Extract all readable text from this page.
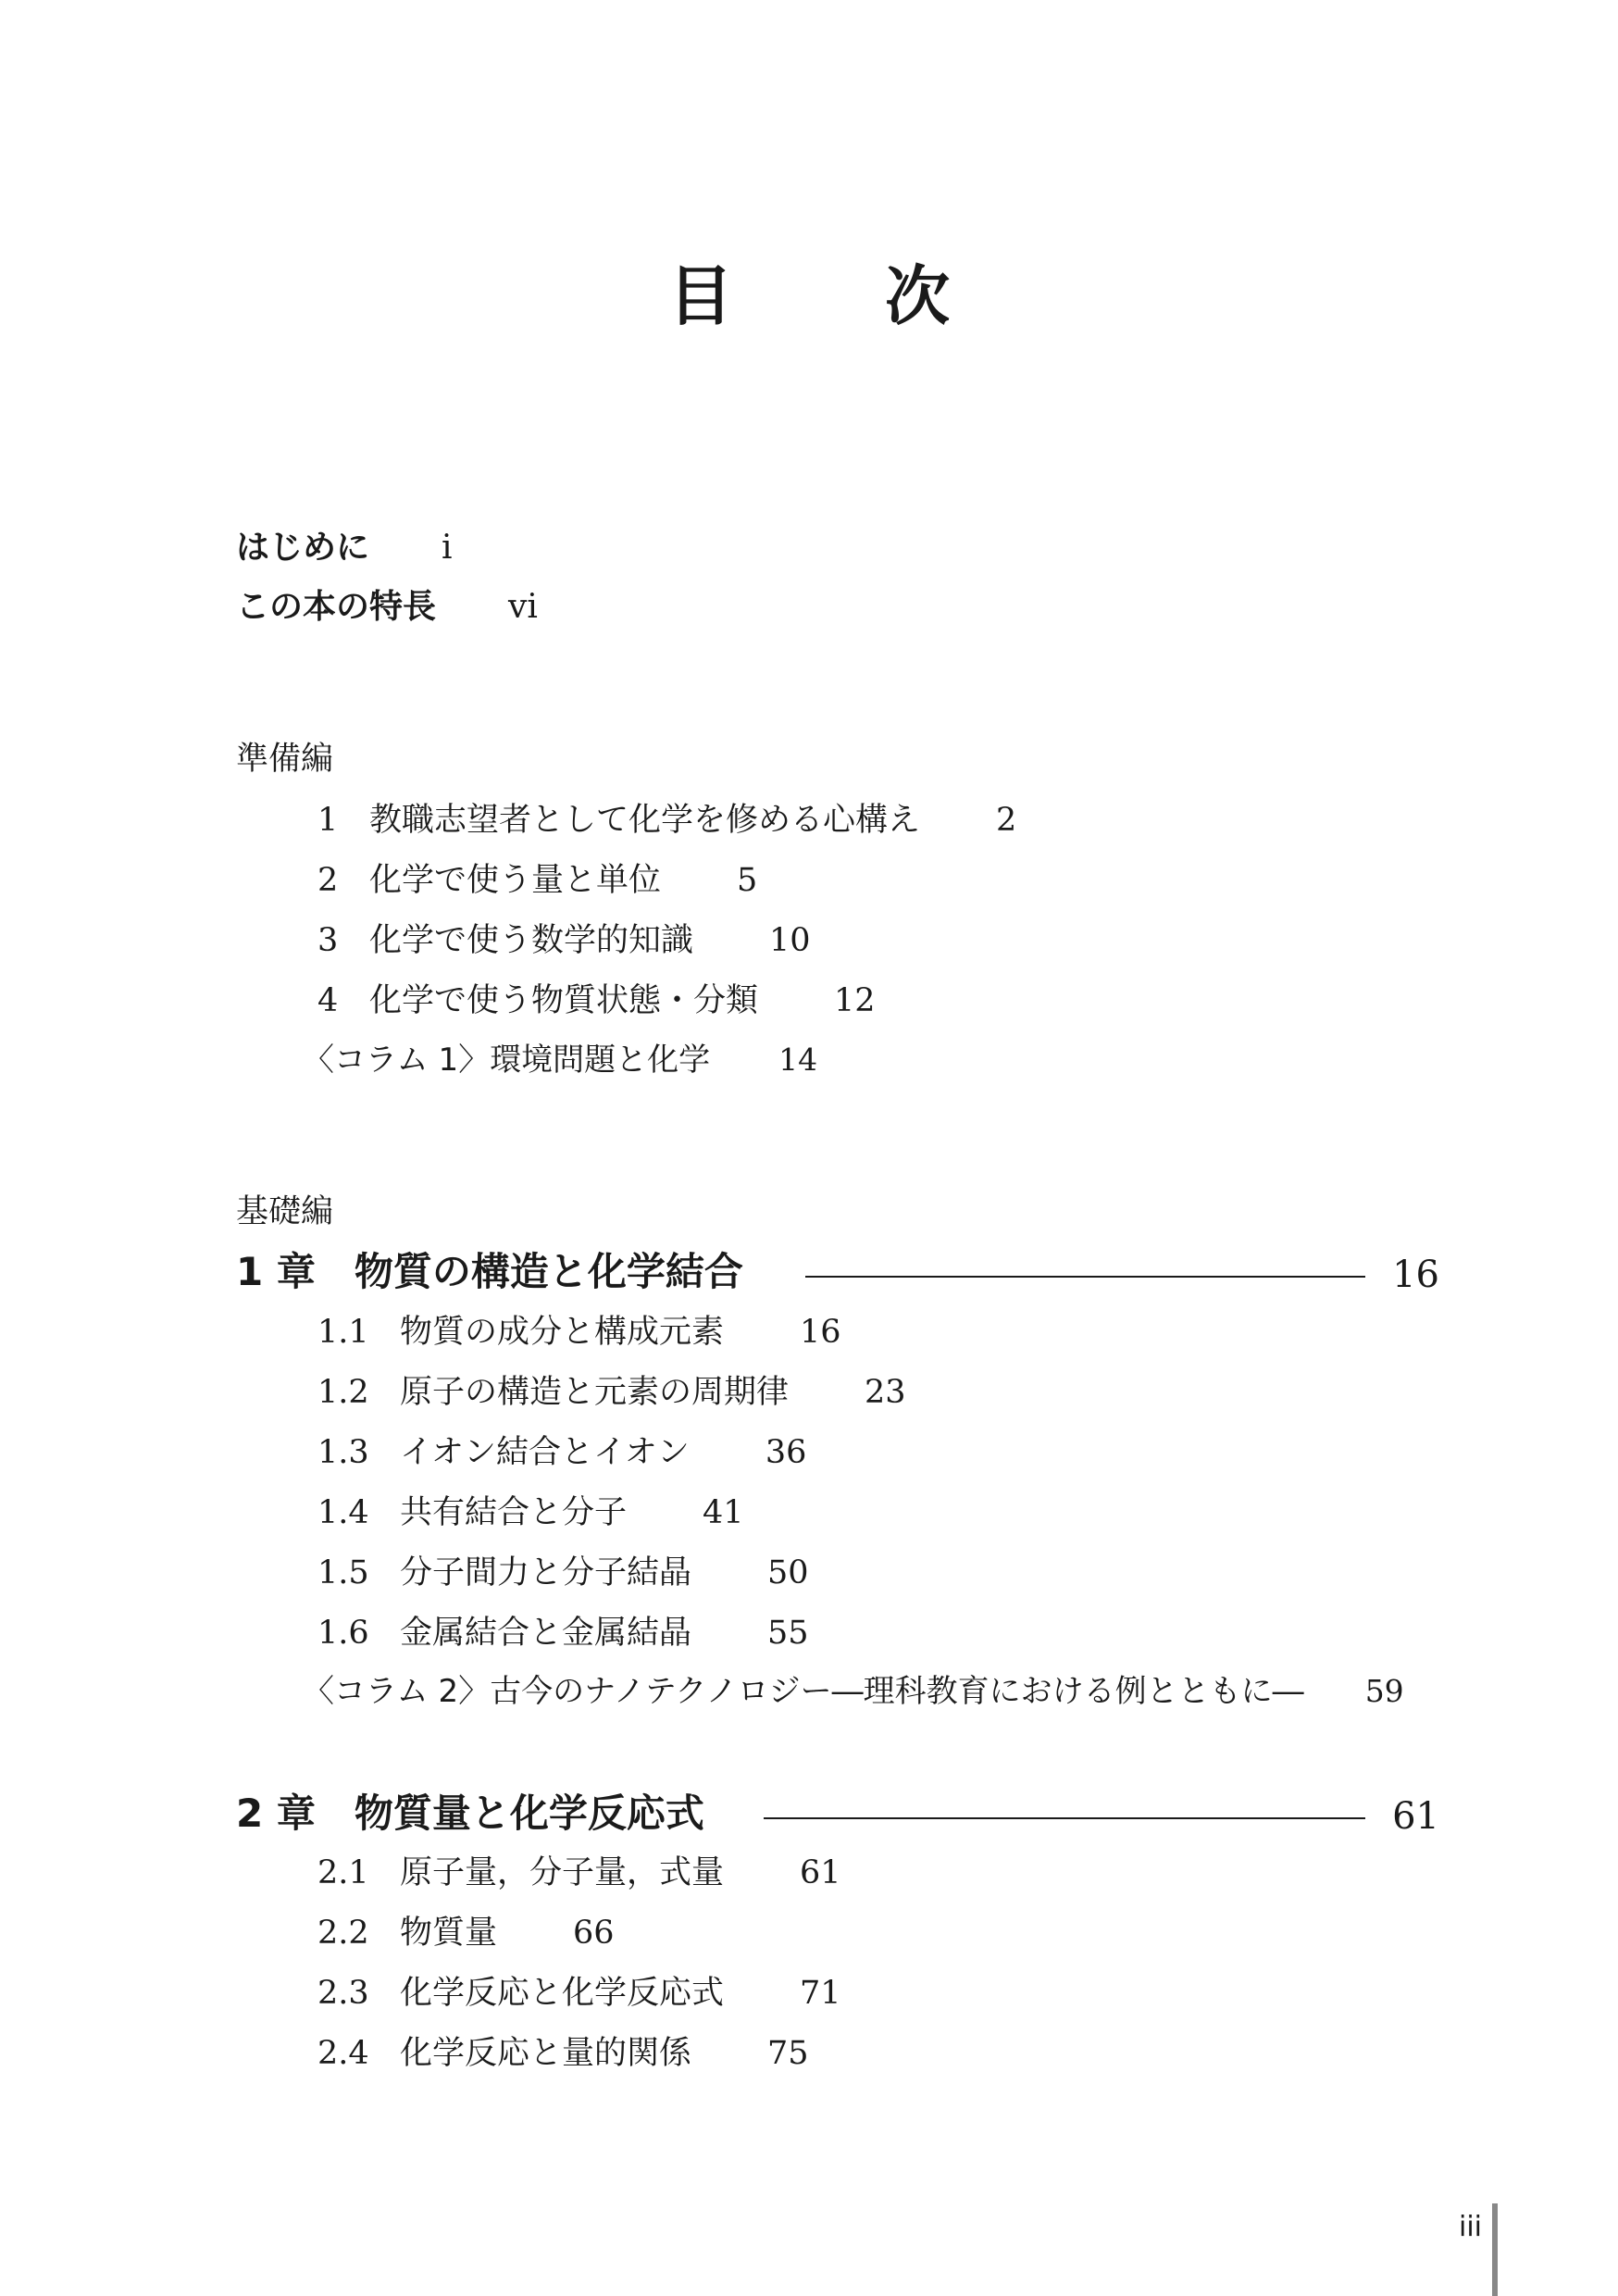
目 次
はじめに i
この本の特長 vi
準備編
1 教職志望者として化学を修める心構え 2
2 化学で使う量と単位 5
3 化学で使う数学的知識 10
4 化学で使う物質状態・分類 12
〈コラム 1〉環境問題と化学 14
基礎編
1 章　物質の構造と化学結合	16
1.1 物質の成分と構成元素 16
1.2 原子の構造と元素の周期律 23
1.3 イオン結合とイオン 36
1.4 共有結合と分子 41
1.5 分子間力と分子結晶 50
1.6 金属結合と金属結晶 55
〈コラム 2〉古今のナノテクノロジー―理科教育における例とともに― 59
2 章　物質量と化学反応式	61
2.1 原子量，分子量，式量 61
2.2 物質量 66
2.3 化学反応と化学反応式 71
2.4 化学反応と量的関係 75
iii
